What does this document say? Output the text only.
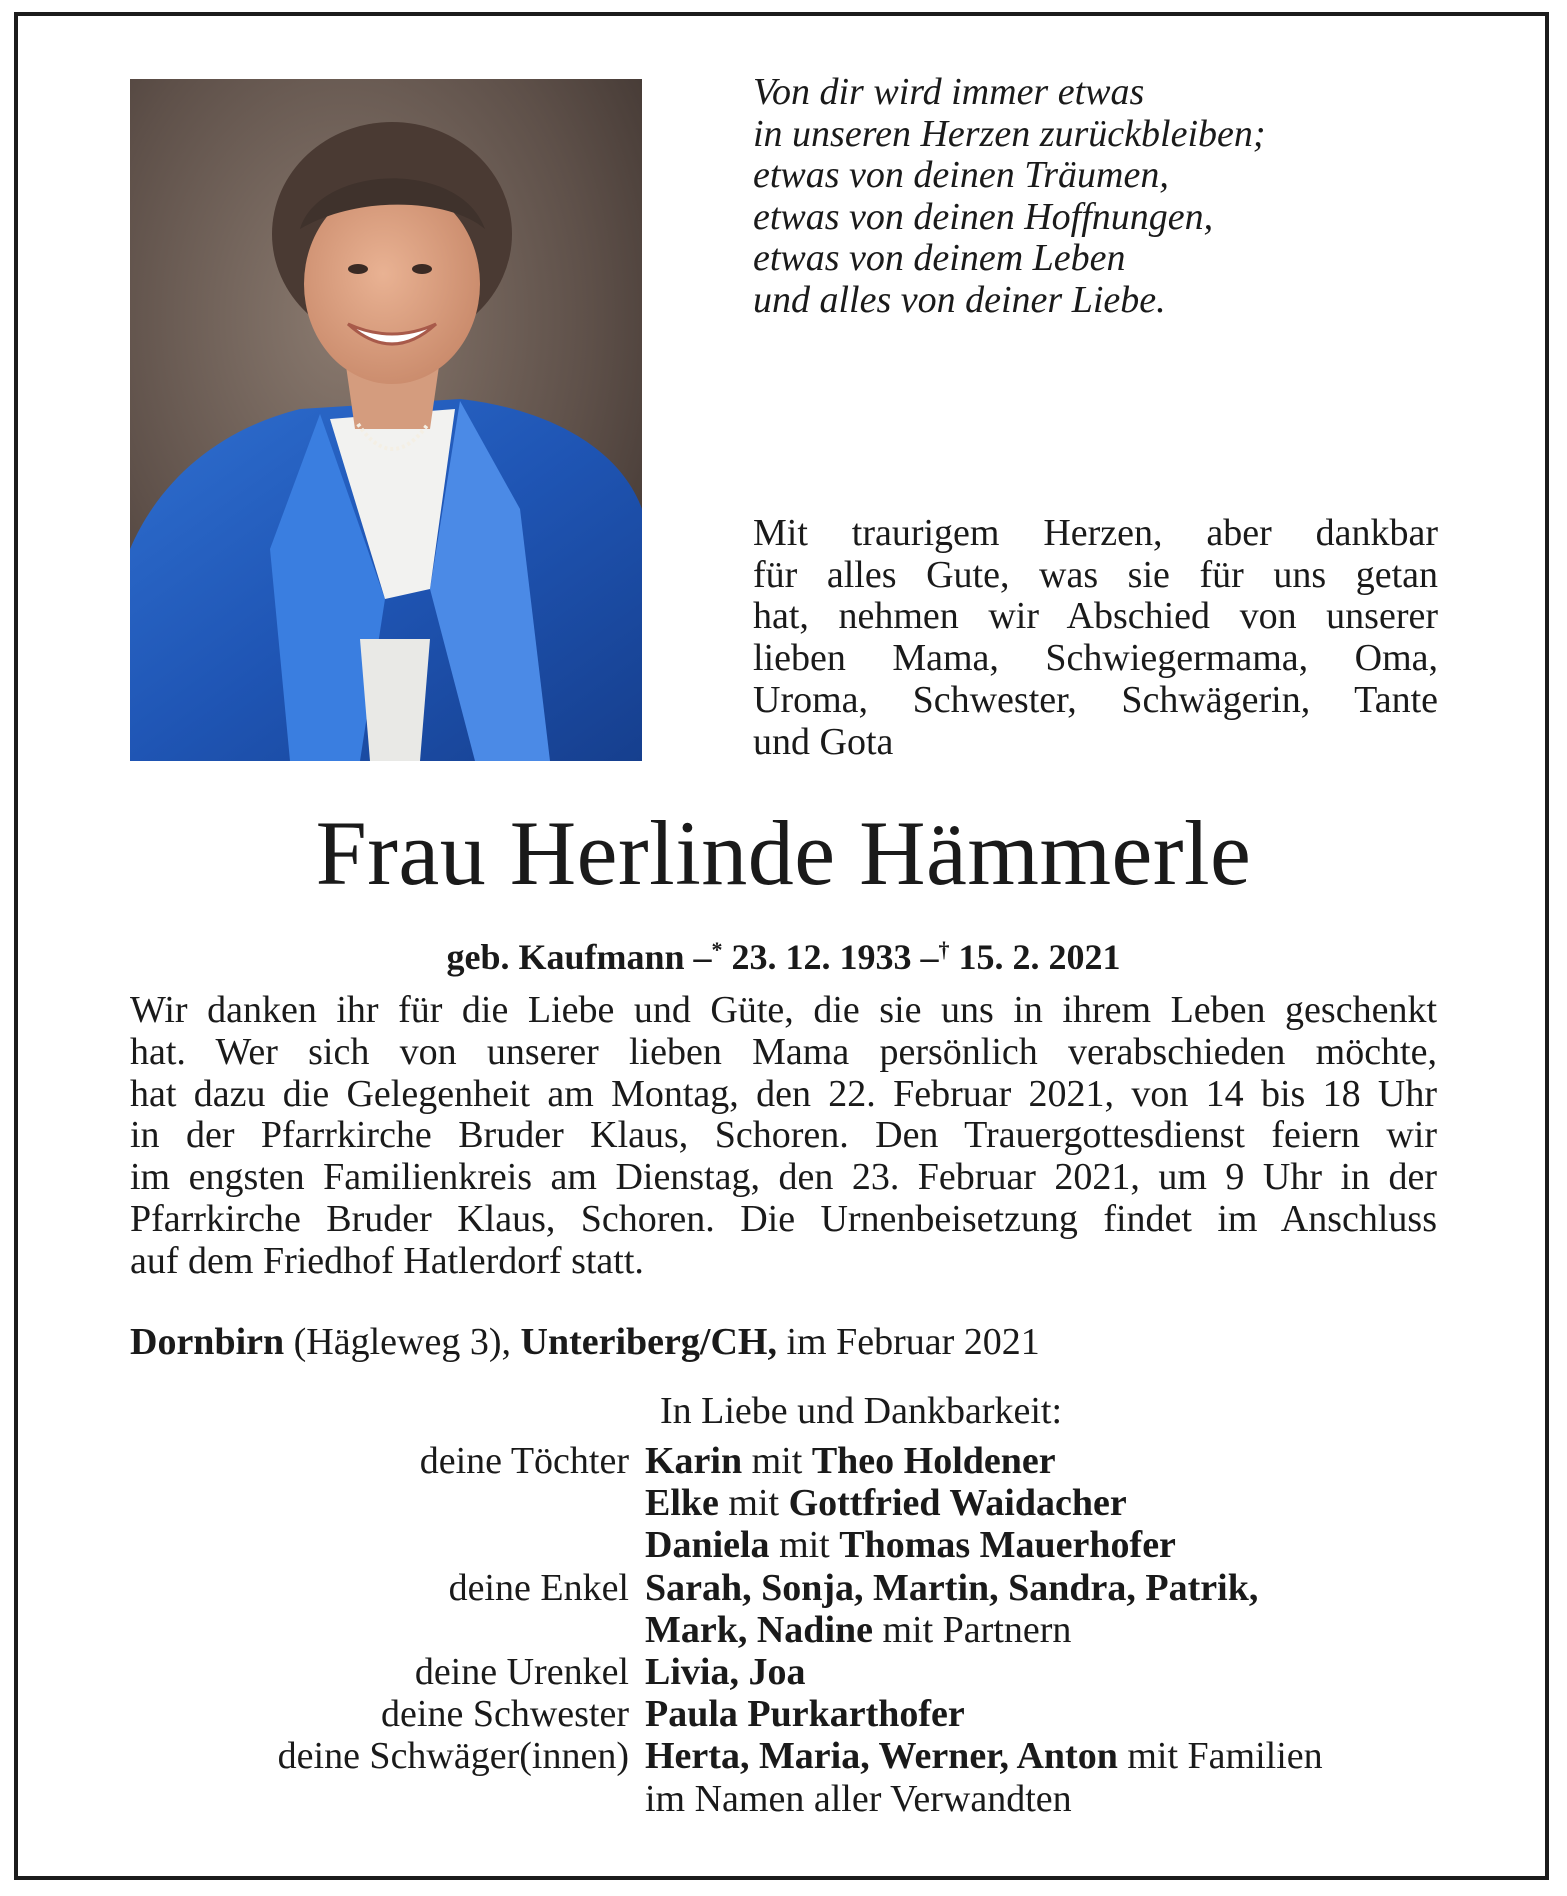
Von dir wird immer etwas
in unseren Herzen zurückbleiben;
etwas von deinen Träumen,
etwas von deinen Hoffnungen,
etwas von deinem Leben
und alles von deiner Liebe.
Mit traurigem Herzen, aber dankbar
für alles Gute, was sie für uns getan
hat, nehmen wir Abschied von unserer
lieben Mama, Schwiegermama, Oma,
Uroma, Schwester, Schwägerin, Tante
und Gota
Frau Herlinde Hämmerle
geb. Kaufmann –* 23. 12. 1933 –† 15. 2. 2021
Wir danken ihr für die Liebe und Güte, die sie uns in ihrem Leben geschenkt
hat. Wer sich von unserer lieben Mama persönlich verabschieden möchte,
hat dazu die Gelegenheit am Montag, den 22. Februar 2021, von 14 bis 18 Uhr
in der Pfarrkirche Bruder Klaus, Schoren. Den Trauergottesdienst feiern wir
im engsten Familienkreis am Dienstag, den 23. Februar 2021, um 9 Uhr in der
Pfarrkirche Bruder Klaus, Schoren. Die Urnenbeisetzung findet im Anschluss
auf dem Friedhof Hatlerdorf statt.
Dornbirn (Hägleweg 3), Unteriberg/CH, im Februar 2021
In Liebe und Dankbarkeit:
deine Töchter Karin mit Theo Holdener
Elke mit Gottfried Waidacher
Daniela mit Thomas Mauerhofer
deine Enkel Sarah, Sonja, Martin, Sandra, Patrik,
Mark, Nadine mit Partnern
deine Urenkel Livia, Joa
deine Schwester Paula Purkarthofer
deine Schwäger(innen) Herta, Maria, Werner, Anton mit Familien
im Namen aller Verwandten
